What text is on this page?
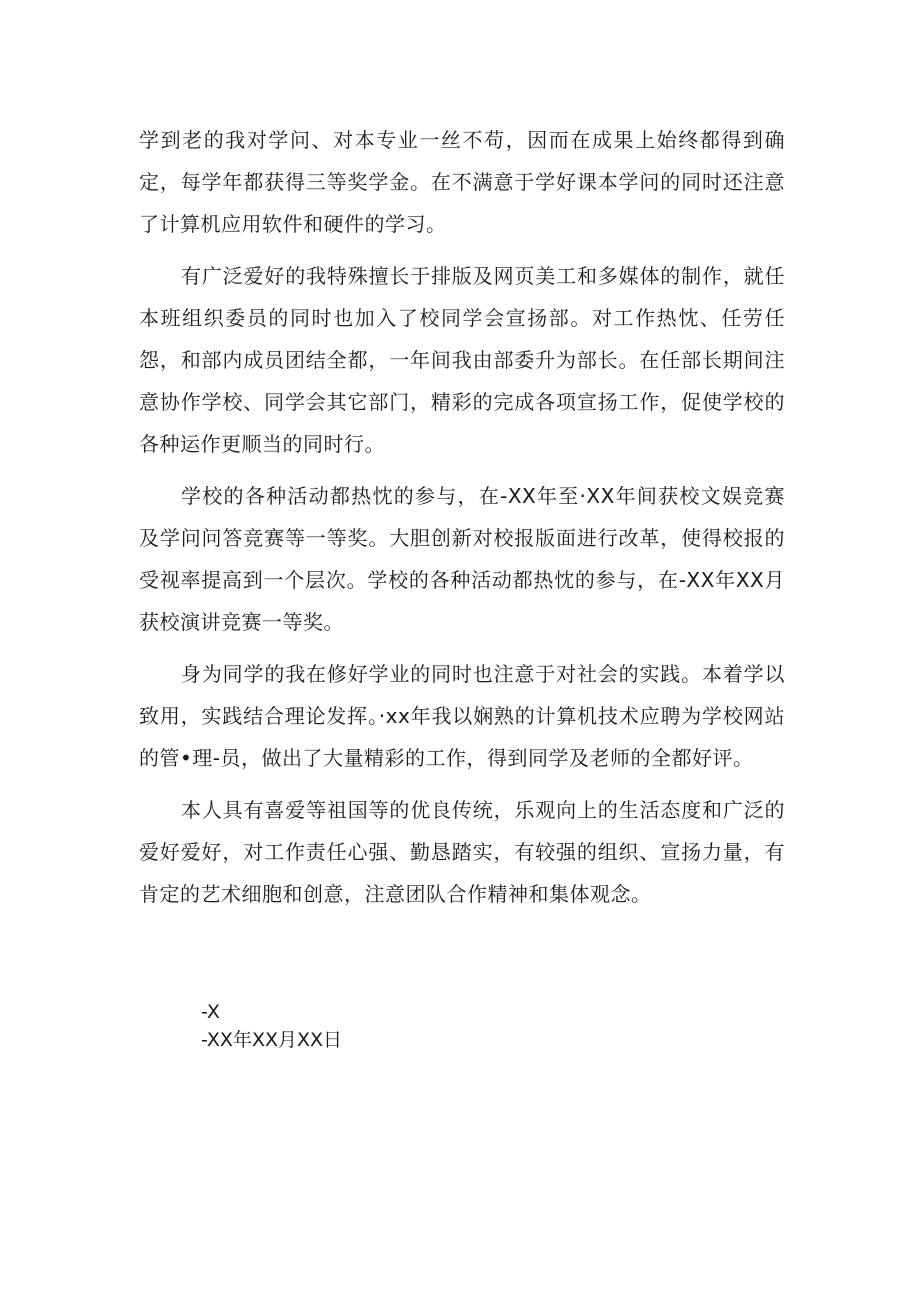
学到老的我对学问、对本专业一丝不苟，因而在成果上始终都得到确定，每学年都获得三等奖学金。在不满意于学好课本学问的同时还注意了计算机应用软件和硬件的学习。

有广泛爱好的我特殊擅长于排版及网页美工和多媒体的制作，就任本班组织委员的同时也加入了校同学会宣扬部。对工作热忱、任劳任怨，和部内成员团结全都，一年间我由部委升为部长。在任部长期间注意协作学校、同学会其它部门，精彩的完成各项宣扬工作，促使学校的各种运作更顺当的同时行。

学校的各种活动都热忱的参与，在-XX年至·XX年间获校文娱竞赛及学问问答竞赛等一等奖。大胆创新对校报版面进行改革，使得校报的受视率提高到一个层次。学校的各种活动都热忱的参与，在-XX年XX月获校演讲竞赛一等奖。

身为同学的我在修好学业的同时也注意于对社会的实践。本着学以致用，实践结合理论发挥。·xx年我以娴熟的计算机技术应聘为学校网站的管•理-员，做出了大量精彩的工作，得到同学及老师的全都好评。

本人具有喜爱等祖国等的优良传统，乐观向上的生活态度和广泛的爱好爱好，对工作责任心强、勤恳踏实，有较强的组织、宣扬力量，有肯定的艺术细胞和创意，注意团队合作精神和集体观念。

-X
-XX年XX月XX日
